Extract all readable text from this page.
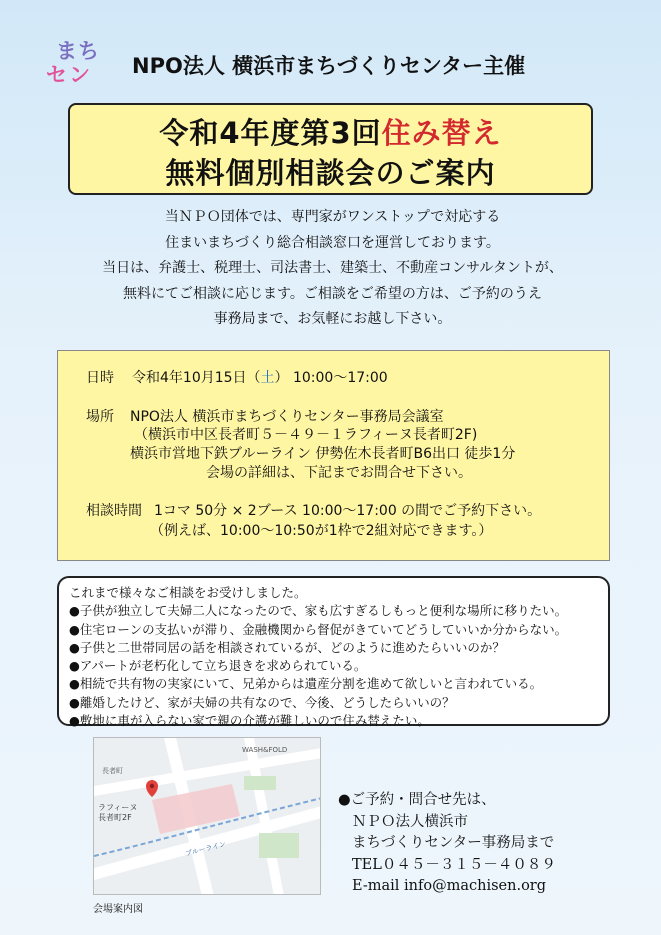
まち
セン NPO法人 横浜市まちづくりセンター主催
令和4年度第3回住み替え
無料個別相談会のご案内
当ＮＰＯ団体では、専門家がワンストップで対応する
住まいまちづくり総合相談窓口を運営しております。
当日は、弁護士、税理士、司法書士、建築士、不動産コンサルタントが、
無料にてご相談に応じます。ご相談をご希望の方は、ご予約のうえ
事務局まで、お気軽にお越し下さい。
日時 令和4年10月15日（土） 10:00～17:00
場所 NPO法人 横浜市まちづくりセンター事務局会議室
（横浜市中区長者町５－４９－１ラフィーヌ長者町2F)
横浜市営地下鉄ブルーライン 伊勢佐木長者町B6出口 徒歩1分
会場の詳細は、下記までお問合せ下さい。
相談時間 1コマ 50分 × 2ブース 10:00～17:00 の間でご予約下さい。
（例えば、10:00～10:50が1枠で2組対応できます。）
これまで様々なご相談をお受けしました。
●子供が独立して夫婦二人になったので、家も広すぎるしもっと便利な場所に移りたい。
●住宅ローンの支払いが滞り、金融機関から督促がきていてどうしていいか分からない。
●子供と二世帯同居の話を相談されているが、どのように進めたらいいのか？
●アパートが老朽化して立ち退きを求められている。
●相続で共有物の実家にいて、兄弟からは遺産分割を進めて欲しいと言われている。
●離婚したけど、家が夫婦の共有なので、今後、どうしたらいいの？
●敷地に車が入らない家で親の介護が難しいので住み替えたい。
ラフィーヌ
長者町2F
ブルーライン
長者町
WASH&FOLD
会場案内図
●ご予約・問合せ先は、
ＮＰＯ法人横浜市
まちづくりセンター事務局まで
TEL０４５－３１５－４０８９
E-mail info@machisen.org
